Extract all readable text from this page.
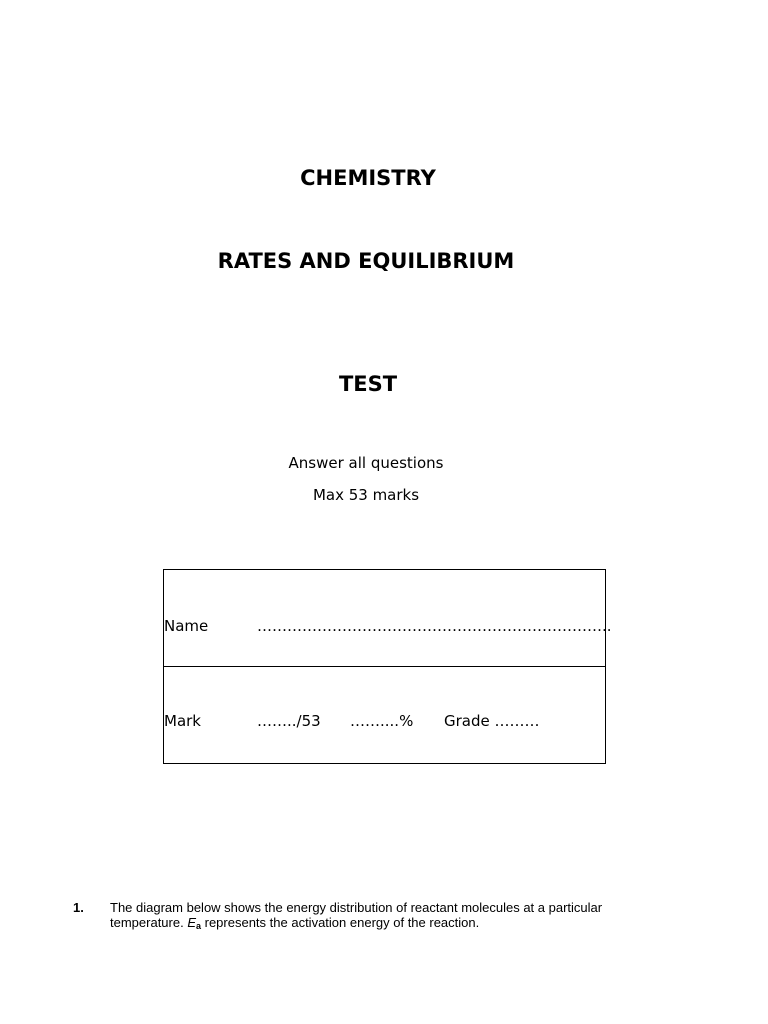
CHEMISTRY
RATES AND EQUILIBRIUM
TEST
Answer all questions
Max 53 marks
Name	……………………………………………………………..
Mark	……../53 ……....% Grade ………
1. The diagram below shows the energy distribution of reactant molecules at a particular temperature. $E_a$ represents the activation energy of the reaction.
